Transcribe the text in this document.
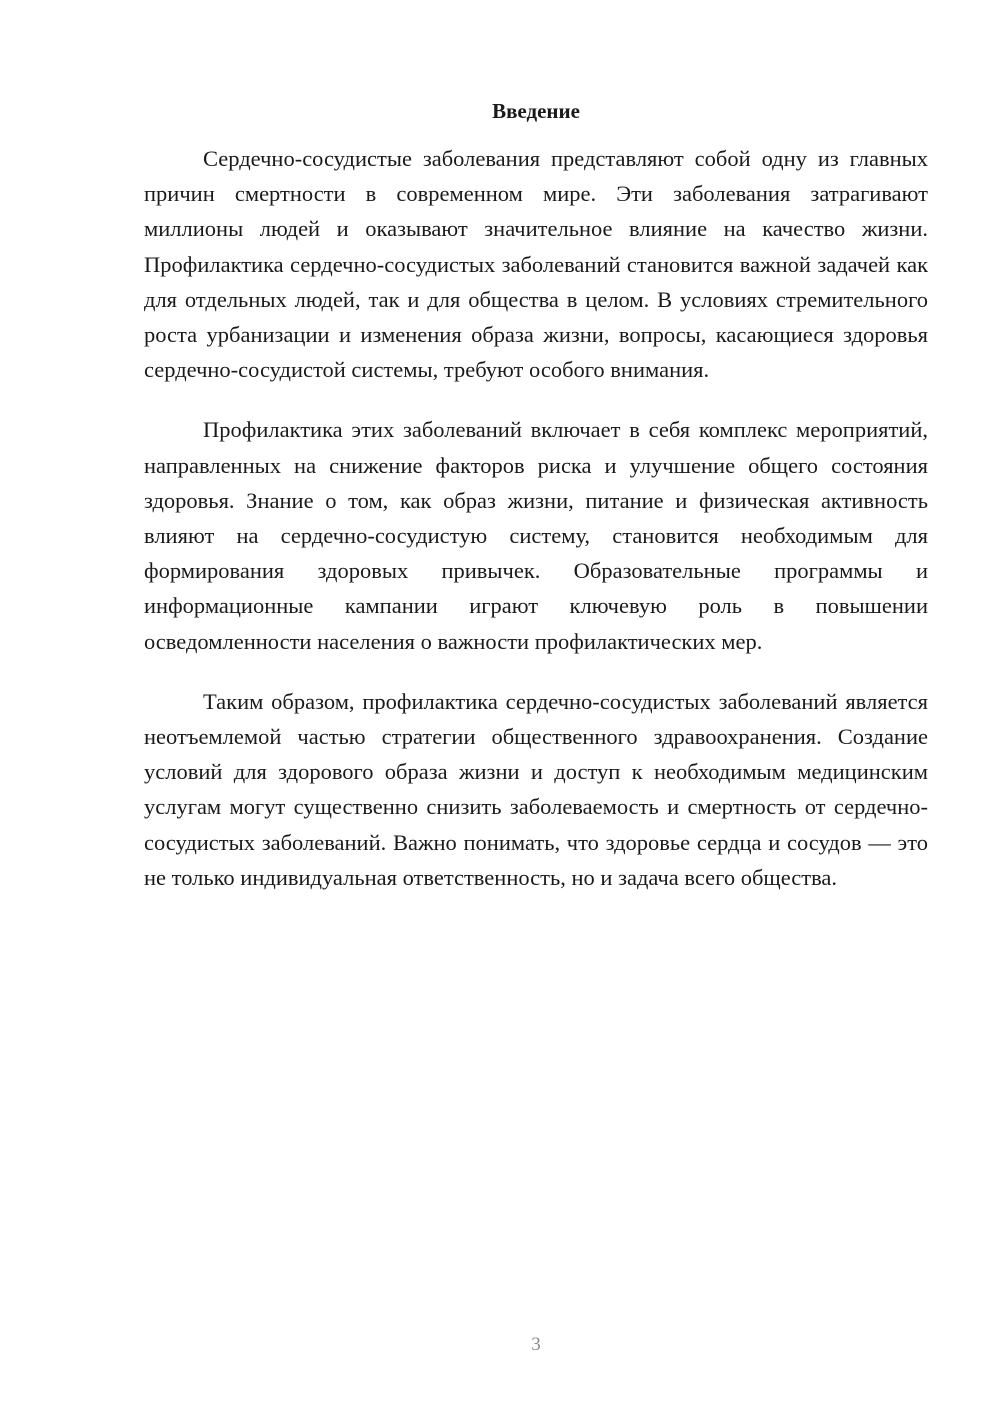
Введение

Сердечно-сосудистые заболевания представляют собой одну из главных причин смертности в современном мире. Эти заболевания затрагивают миллионы людей и оказывают значительное влияние на качество жизни. Профилактика сердечно-сосудистых заболеваний становится важной задачей как для отдельных людей, так и для общества в целом. В условиях стремительного роста урбанизации и изменения образа жизни, вопросы, касающиеся здоровья сердечно-сосудистой системы, требуют особого внимания.

Профилактика этих заболеваний включает в себя комплекс мероприятий, направленных на снижение факторов риска и улучшение общего состояния здоровья. Знание о том, как образ жизни, питание и физическая активность влияют на сердечно-сосудистую систему, становится необходимым для формирования здоровых привычек. Образовательные программы и информационные кампании играют ключевую роль в повышении осведомленности населения о важности профилактических мер.

Таким образом, профилактика сердечно-сосудистых заболеваний является неотъемлемой частью стратегии общественного здравоохранения. Создание условий для здорового образа жизни и доступ к необходимым медицинским услугам могут существенно снизить заболеваемость и смертность от сердечно-сосудистых заболеваний. Важно понимать, что здоровье сердца и сосудов — это не только индивидуальная ответственность, но и задача всего общества.

3
